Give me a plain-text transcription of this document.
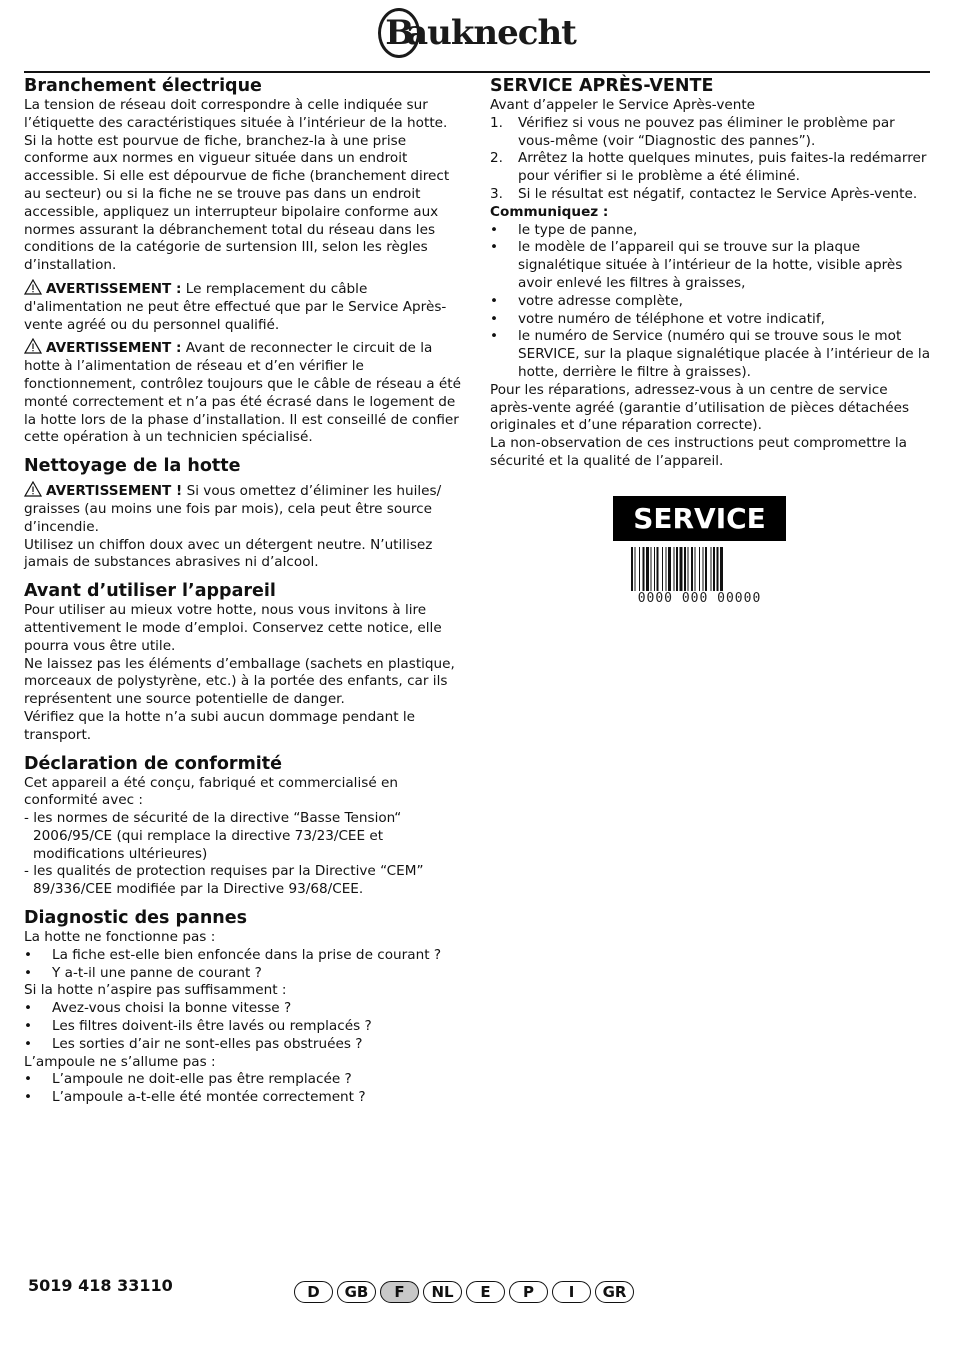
Bauknecht
Branchement électrique

La tension de réseau doit correspondre à celle indiquée sur l’étiquette des caractéristiques située à l’intérieur de la hotte. Si la hotte est pourvue de fiche, branchez-la à une prise conforme aux normes en vigueur située dans un endroit accessible. Si elle est dépourvue de fiche (branchement direct au secteur) ou si la fiche ne se trouve pas dans un endroit accessible, appliquez un interrupteur bipolaire conforme aux normes assurant la débranchement total du réseau dans les conditions de la catégorie de surtension III, selon les règles d’installation.

AVERTISSEMENT : Le remplacement du câble d'alimentation ne peut être effectué que par le Service Après-vente agréé ou du personnel qualifié.

AVERTISSEMENT : Avant de reconnecter le circuit de la hotte à l’alimentation de réseau et d’en vérifier le fonctionnement, contrôlez toujours que le câble de réseau a été monté correctement et n’a pas été écrasé dans le logement de la hotte lors de la phase d’installation. Il est conseillé de confier cette opération à un technicien spécialisé.

Nettoyage de la hotte

AVERTISSEMENT ! Si vous omettez d’éliminer les huiles/ graisses (au moins une fois par mois), cela peut être source d’incendie.

Utilisez un chiffon doux avec un détergent neutre. N’utilisez jamais de substances abrasives ni d’alcool.

Avant d’utiliser l’appareil

Pour utiliser au mieux votre hotte, nous vous invitons à lire attentivement le mode d’emploi. Conservez cette notice, elle pourra vous être utile.

Ne laissez pas les éléments d’emballage (sachets en plastique, morceaux de polystyrène, etc.) à la portée des enfants, car ils représentent une source potentielle de danger.

Vérifiez que la hotte n’a subi aucun dommage pendant le transport.

Déclaration de conformité

Cet appareil a été conçu, fabriqué et commercialisé en conformité avec :

- les normes de sécurité de la directive “Basse Tension“ 2006/95/CE (qui remplace la directive 73/23/CEE et modifications ultérieures)

- les qualités de protection requises par la Directive “CEM” 89/336/CEE modifiée par la Directive 93/68/CEE.

Diagnostic des pannes

La hotte ne fonctionne pas :

•	La fiche est-elle bien enfoncée dans la prise de courant ?
•	Y a-t-il une panne de courant ?

Si la hotte n’aspire pas suffisamment :

•	Avez-vous choisi la bonne vitesse ?
•	Les filtres doivent-ils être lavés ou remplacés ?
•	Les sorties d’air ne sont-elles pas obstruées ?

L’ampoule ne s’allume pas :

•	L’ampoule ne doit-elle pas être remplacée ?
•	L’ampoule a-t-elle été montée correctement ?
SERVICE APRÈS-VENTE

Avant d’appeler le Service Après-vente

1.	Vérifiez si vous ne pouvez pas éliminer le problème par vous-même (voir “Diagnostic des pannes”).
2.	Arrêtez la hotte quelques minutes, puis faites-la redémarrer pour vérifier si le problème a été éliminé.
3.	Si le résultat est négatif, contactez le Service Après-vente.

Communiquez :

•	le type de panne,
•	le modèle de l’appareil qui se trouve sur la plaque signalétique située à l’intérieur de la hotte, visible après avoir enlevé les filtres à graisses,
•	votre adresse complète,
•	votre numéro de téléphone et votre indicatif,
•	le numéro de Service (numéro qui se trouve sous le mot SERVICE, sur la plaque signalétique placée à l’intérieur de la hotte, derrière le filtre à graisses).

Pour les réparations, adressez-vous à un centre de service après-vente agréé (garantie d’utilisation de pièces détachées originales et d’une réparation correcte).

La non-observation de ces instructions peut compromettre la sécurité et la qualité de l’appareil.

SERVICE
0000 000 00000
5019 418 33110	D	GB	F	NL	E	P	I	GR
